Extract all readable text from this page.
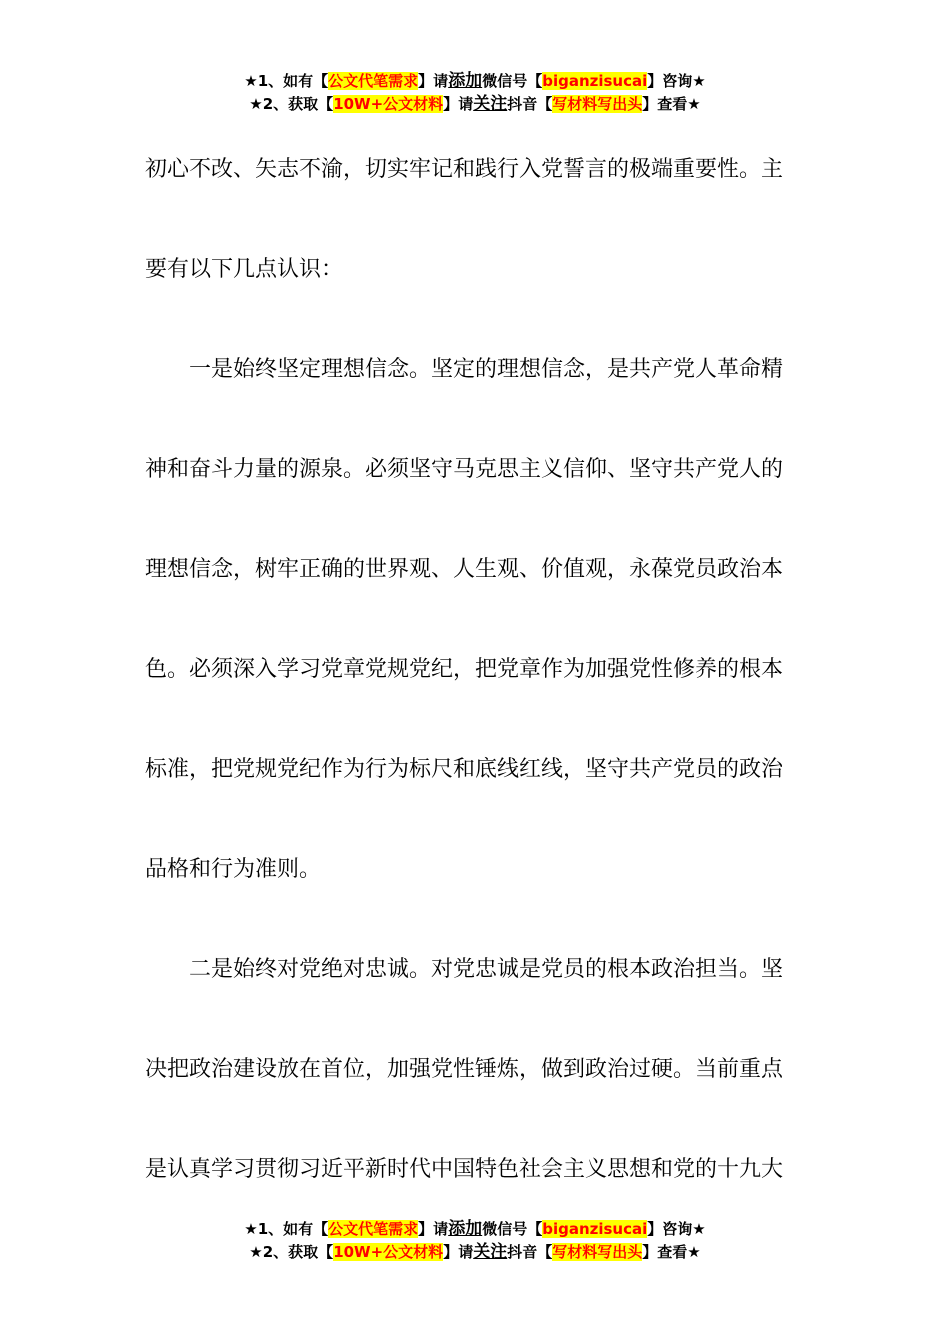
★1、如有【公文代笔需求】请添加微信号【biganzisucai】咨询★
★2、获取【10W+公文材料】请关注抖音【写材料写出头】查看★

初心不改、矢志不渝，切实牢记和践行入党誓言的极端重要性。主

要有以下几点认识：

一是始终坚定理想信念。坚定的理想信念，是共产党人革命精

神和奋斗力量的源泉。必须坚守马克思主义信仰、坚守共产党人的

理想信念，树牢正确的世界观、人生观、价值观，永葆党员政治本

色。必须深入学习党章党规党纪，把党章作为加强党性修养的根本

标准，把党规党纪作为行为标尺和底线红线，坚守共产党员的政治

品格和行为准则。

二是始终对党绝对忠诚。对党忠诚是党员的根本政治担当。坚

决把政治建设放在首位，加强党性锤炼，做到政治过硬。当前重点

是认真学习贯彻习近平新时代中国特色社会主义思想和党的十九大

★1、如有【公文代笔需求】请添加微信号【biganzisucai】咨询★
★2、获取【10W+公文材料】请关注抖音【写材料写出头】查看★
